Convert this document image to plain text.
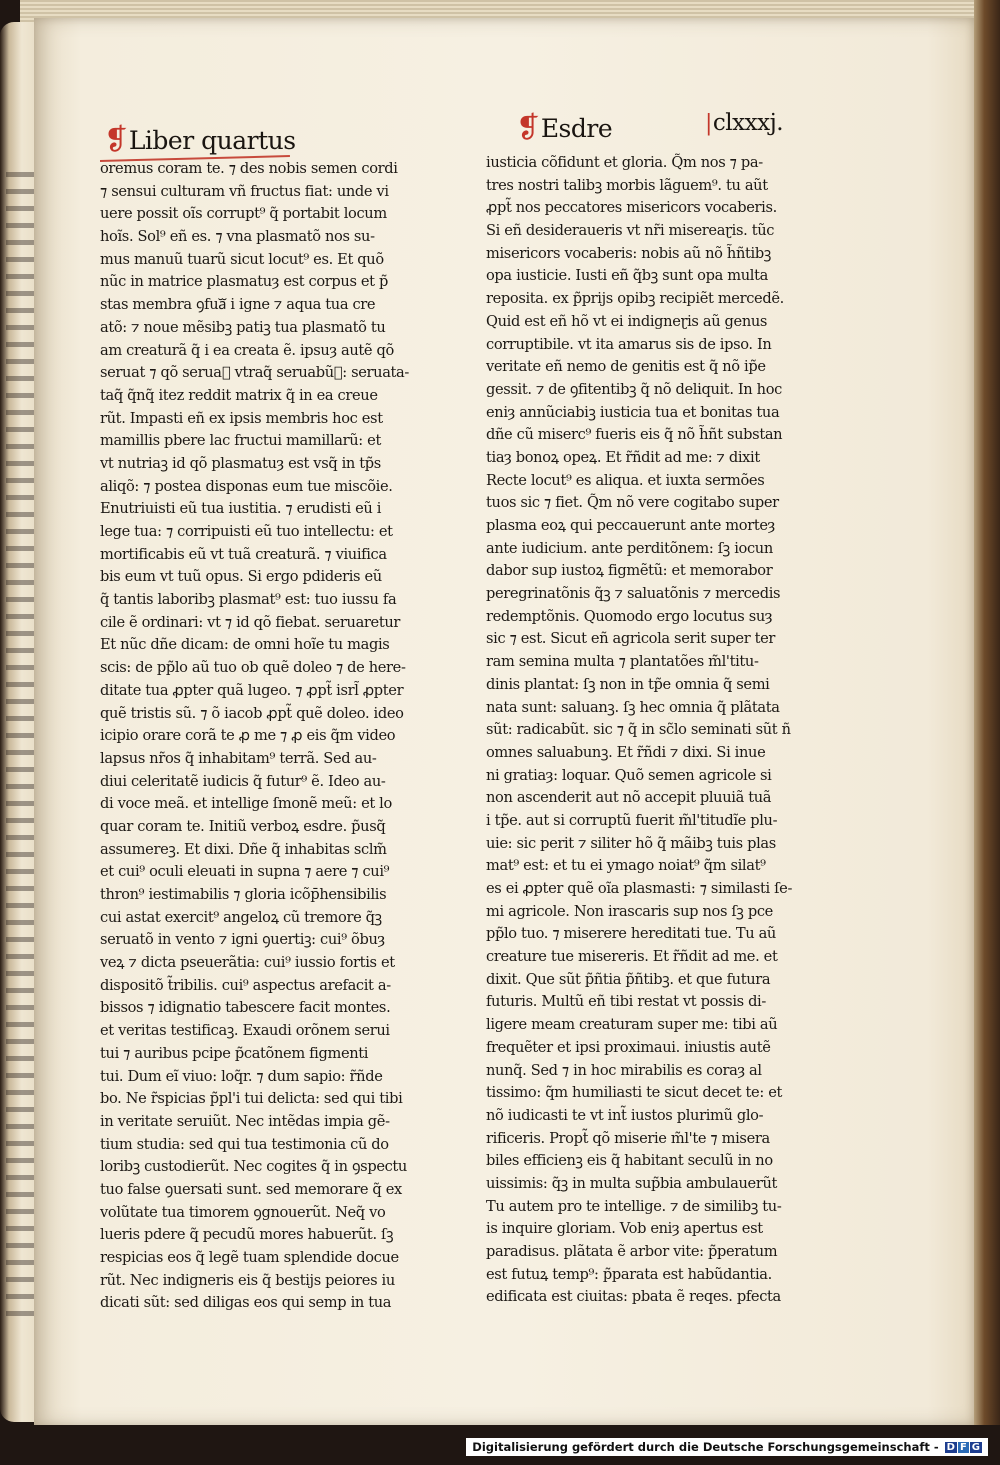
❡Liber quartus	❡Esdre	|clxxxj.
oremus coram te. ⁊ des nobis semen cordi
⁊ sensui culturam vñ fructus fiat: unde vi
uere possit oĩs corrupt⁹ q̃ portabit locum
hoĩs. Sol⁹ eñ es. ⁊ vna plasmatõ nos su-
mus manuũ tuarũ sicut locut⁹ es. Et quõ
nũc in matrice plasmatuȝ est corpus et p̃
stas membra ꝯfuaᷓ i igne ⁊ aqua tua cre
atõ: ⁊ noue mẽsibꝫ patiꝫ tua plasmatõ tu
am creaturã q̃ i ea creata ẽ. ipsuȝ autẽ qõ
seruat ⁊ qõ seruaᷓ vtraq̃ seruabũꝫ: seruata-
taq̃ q̃nq̃ itez reddit matrix q̃ in ea creue
rũt. Impasti eñ ex ipsis membris hoc est
mamillis pbere lac fructui mamillarũ: et
vt nutriaꝫ id qõ plasmatuȝ est vsq̃ in tp̃s
aliqõ: ⁊ postea disponas eum tue miscõie.
Enutriuisti eũ tua iustitia. ⁊ erudisti eũ i
lege tua: ⁊ corripuisti eũ tuo intellectu: et
mortificabis eũ vt tuã creaturã. ⁊ viuifica
bis eum vt tuũ opus. Si ergo pdideris eũ
q̃ tantis laboribꝫ plasmat⁹ est: tuo iussu fa
cile ẽ ordinari: vt ⁊ id qõ fiebat. seruaretur
Et nũc dñe dicam: de omni hoĩe tu magis
scis: de pp̃lo aũ tuo ob quẽ doleo ⁊ de here-
ditate tua ꝓpter quã lugeo. ⁊ ꝓpt̃ isrl̃ ꝓpter
quẽ tristis sũ. ⁊ õ iacob ꝓpt̃ quẽ doleo. ideo
icipio orare corã te ꝓ me ⁊ ꝓ eis q̃m video
lapsus nr̃os q̃ inhabitam⁹ terrã. Sed au-
diui celeritatẽ iudicis q̃ futur⁹ ẽ. Ideo au-
di voce meã. et intellige ſmonẽ meũ: et lo
quar coram te. Initiũ verboꝝ esdre. p̃usq̃
assumereꝫ. Et dixi. Dñe q̃ inhabitas sclm̃
et cui⁹ oculi eleuati in supna ⁊ aere ⁊ cui⁹
thron⁹ iestimabilis ⁊ gloria icõp̄hensibilis
cui astat exercit⁹ angeloꝝ cũ tremore q̃ꝫ
seruatõ in vento ⁊ igni ꝯuertiꝫ: cui⁹ õbuȝ
veꝝ ⁊ dicta pseuerãtia: cui⁹ iussio fortis et
dispositõ t̃ribilis. cui⁹ aspectus arefacit a-
bissos ⁊ idignatio tabescere facit montes.
et veritas testificaꝫ. Exaudi orõnem serui
tui ⁊ auribus pcipe p̃catõnem figmenti
tui. Dum eĩ viuo: loq̃r. ⁊ dum sapio: r̃ñde
bo. Ne r̃spicias p̃pl'i tui delicta: sed qui tibi
in veritate seruiũt. Nec intẽdas impia gẽ-
tium studia: sed qui tua testimonia cũ do
loribꝫ custodierũt. Nec cogites q̃ in ꝯspectu
tuo false ꝯuersati sunt. sed memorare q̃ ex
volũtate tua timorem ꝯgnouerũt. Neq̃ vo
lueris pdere q̃ pecudũ mores habuerũt. ſꝫ
respicias eos q̃ legẽ tuam splendide docue
rũt. Nec indigneris eis q̃ bestijs peiores iu
dicati sũt: sed diligas eos qui semp in tua
iusticia cõfidunt et gloria. Q̃m nos ⁊ pa-
tres nostri talibꝫ morbis lãguem⁹. tu aũt
ꝓpt̃ nos peccatores misericors vocaberis.
Si eñ desideraueris vt nr̃i misereaɽis. tũc
misericors vocaberis: nobis aũ nõ h̃ñtibꝫ
opa iusticie. Iusti eñ q̃bꝫ sunt opa multa
reposita. ex p̃prijs opibꝫ recipiẽt mercedẽ.
Quid est eñ hõ vt ei indigneɽis aũ genus
corruptibile. vt ita amarus sis de ipso. In
veritate eñ nemo de genitis est q̃ nõ ip̃e
gessit. ⁊ de ꝯfitentibꝫ q̃ nõ deliquit. In hoc
eniȝ annũciabiꝫ iusticia tua et bonitas tua
dñe cũ miserc⁹ fueris eis q̃ nõ h̃ñt substan
tiaȝ bonoꝝ opeꝝ. Et r̃ñdit ad me: ⁊ dixit
Recte locut⁹ es aliqua. et iuxta sermões
tuos sic ⁊ fiet. Q̃m nõ vere cogitabo super
plasma eoꝝ qui peccauerunt ante morteȝ
ante iudicium. ante perditõnem: ſꝫ iocun
dabor sup iustoꝝ figmẽtũ: et memorabor
peregrinatõnis q̃ꝫ ⁊ saluatõnis ⁊ mercedis
redemptõnis. Quomodo ergo locutus suȝ
sic ⁊ est. Sicut eñ agricola serit super ter
ram semina multa ⁊ plantatões m̃l'titu-
dinis plantat: ſꝫ non in tp̃e omnia q̃ semi
nata sunt: saluanꝫ. ſꝫ hec omnia q̃ plãtata
sũt: radicabũt. sic ⁊ q̃ in sc̃lo seminati sũt ñ
omnes saluabunꝫ. Et r̃ñdi ⁊ dixi. Si inue
ni gratiaȝ: loquar. Quõ semen agricole si
non ascenderit aut nõ accepit pluuiã tuã
i tp̃e. aut si corruptũ fuerit m̃l'titudĩe plu-
uie: sic perit ⁊ siliter hõ q̃ mãibꝫ tuis plas
mat⁹ est: et tu ei ymago noiat⁹ q̃m silat⁹
es ei ꝓpter quẽ oĩa plasmasti: ⁊ similasti ſe-
mi agricole. Non irascaris sup nos ſꝫ pce
pp̃lo tuo. ⁊ miserere hereditati tue. Tu aũ
creature tue misereris. Et r̃ñdit ad me. et
dixit. Que sũt p̃ñtia p̃ñtibꝫ. et que futura
futuris. Multũ eñ tibi restat vt possis di-
ligere meam creaturam super me: tibi aũ
frequẽter et ipsi proximaui. iniustis autẽ
nunq̃. Sed ⁊ in hoc mirabilis es coraȝ al
tissimo: q̃m humiliasti te sicut decet te: et
nõ iudicasti te vt int̃ iustos plurimũ glo-
rificeris. Propt̃ qõ miserie m̃l'te ⁊ misera
biles efficienꝫ eis q̃ habitant seculũ in no
uissimis: q̃ꝫ in multa sup̃bia ambulauerũt
Tu autem pro te intellige. ⁊ de similibꝫ tu-
is inquire gloriam. Vob eniȝ apertus est
paradisus. plãtata ẽ arbor vite: p̃peratum
est futuꝝ temp⁹: p̃parata est habũdantia.
edificata est ciuitas: pbata ẽ reqes. pfecta
Digitalisierung gefördert durch die Deutsche Forschungsgemeinschaft - D F G
